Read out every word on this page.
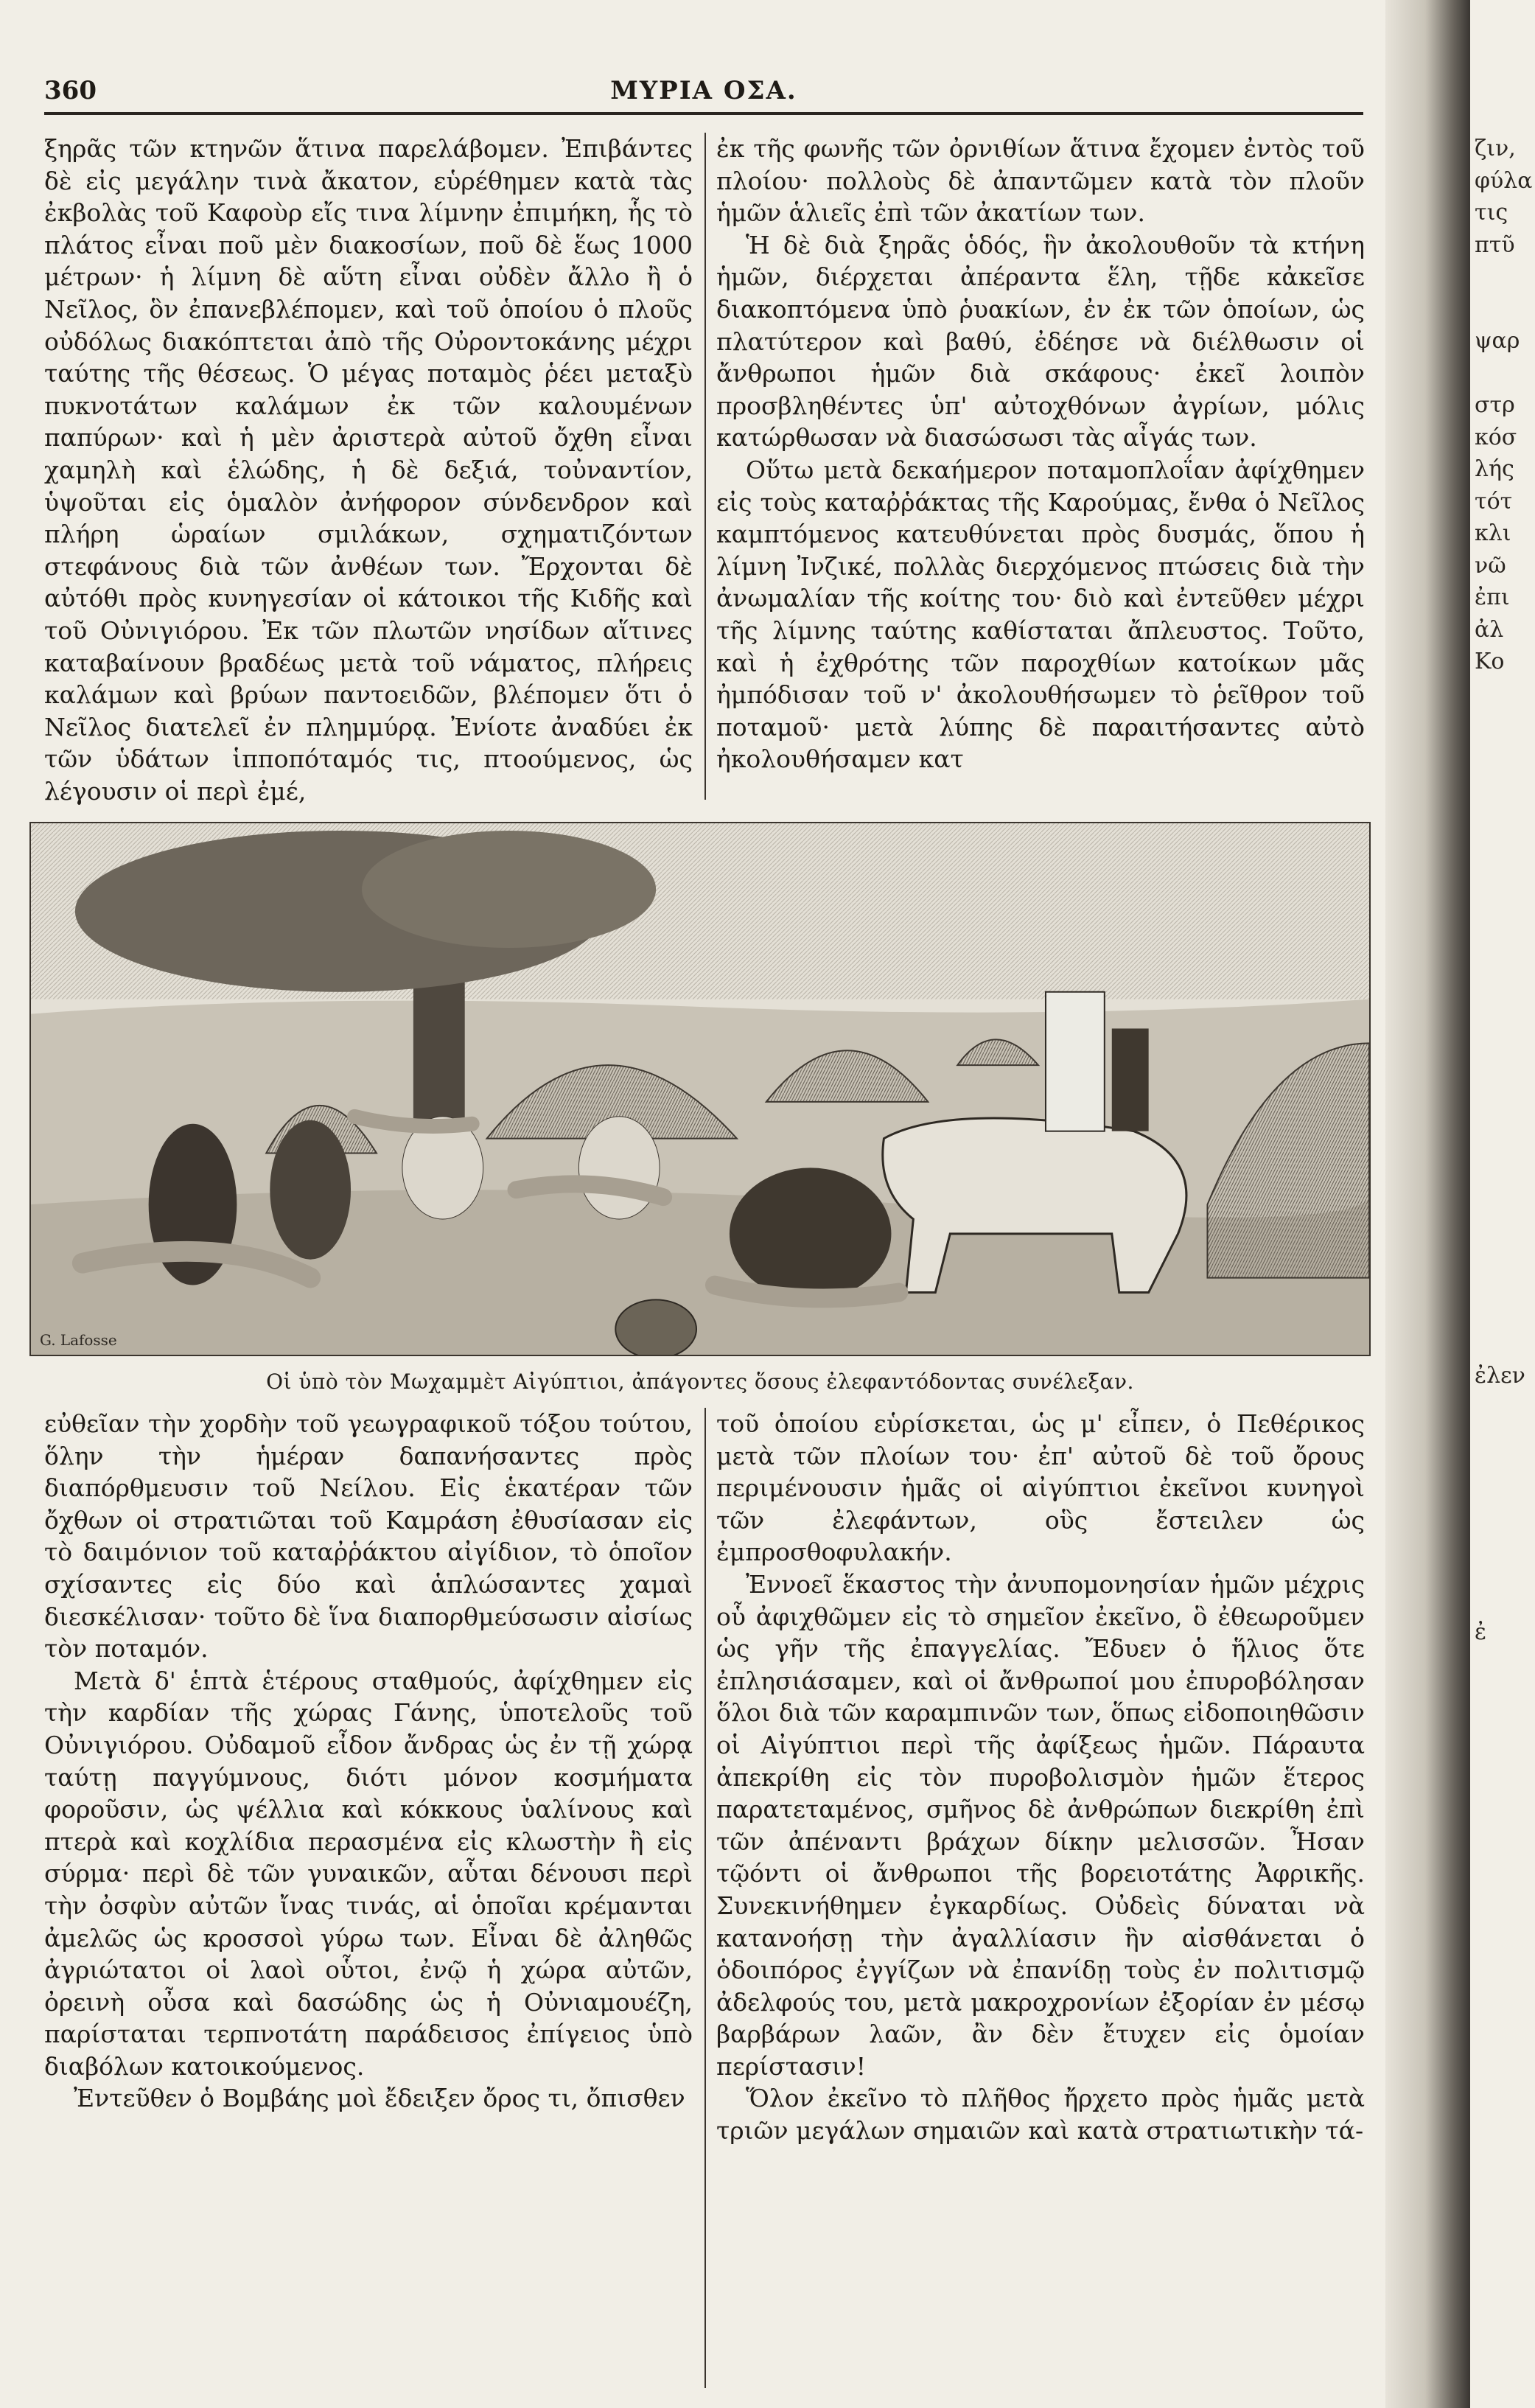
360	ΜΥΡΙΑ ΟΣΑ.

ξηρᾶς τῶν κτηνῶν ἅτινα παρελάβομεν. Ἐπιβάντες δὲ εἰς μεγάλην τινὰ ἄκατον, εὑρέθημεν κατὰ τὰς ἐκβολὰς τοῦ Καφοὺρ εἴς τινα λίμνην ἐπιμήκη, ἧς τὸ πλάτος εἶναι ποῦ μὲν διακοσίων, ποῦ δὲ ἕως 1000 μέτρων· ἡ λίμνη δὲ αὕτη εἶναι οὐδὲν ἄλλο ἢ ὁ Νεῖλος, ὃν ἐπανεβλέπομεν, καὶ τοῦ ὁποίου ὁ πλοῦς οὐδόλως διακόπτεται ἀπὸ τῆς Οὐροντοκάνης μέχρι ταύτης τῆς θέσεως. Ὁ μέγας ποταμὸς ῥέει μεταξὺ πυκνοτάτων καλάμων ἐκ τῶν καλουμένων παπύρων· καὶ ἡ μὲν ἀριστερὰ αὐτοῦ ὄχθη εἶναι χαμηλὴ καὶ ἑλώδης, ἡ δὲ δεξιά, τοὐναντίον, ὑψοῦται εἰς ὁμαλὸν ἀνήφορον σύνδενδρον καὶ πλήρη ὡραίων σμιλάκων, σχηματιζόντων στεφάνους διὰ τῶν ἀνθέων των. Ἔρχονται δὲ αὐτόθι πρὸς κυνηγεσίαν οἱ κάτοικοι τῆς Κιδῆς καὶ τοῦ Οὐνιγιόρου. Ἐκ τῶν πλωτῶν νησίδων αἵτινες καταβαίνουν βραδέως μετὰ τοῦ νάματος, πλήρεις καλάμων καὶ βρύων παντοειδῶν, βλέπομεν ὅτι ὁ Νεῖλος διατελεῖ ἐν πλημμύρᾳ. Ἐνίοτε ἀναδύει ἐκ τῶν ὑδάτων ἱπποπόταμός τις, πτοούμενος, ὡς λέγουσιν οἱ περὶ ἐμέ,

ἐκ τῆς φωνῆς τῶν ὀρνιθίων ἅτινα ἔχομεν ἐντὸς τοῦ πλοίου· πολλοὺς δὲ ἀπαντῶμεν κατὰ τὸν πλοῦν ἡμῶν ἁλιεῖς ἐπὶ τῶν ἀκατίων των.

Ἡ δὲ διὰ ξηρᾶς ὁδός, ἣν ἀκολουθοῦν τὰ κτήνη ἡμῶν, διέρχεται ἀπέραντα ἕλη, τῇδε κἀκεῖσε διακοπτόμενα ὑπὸ ῥυακίων, ἐν ἐκ τῶν ὁποίων, ὡς πλατύτερον καὶ βαθύ, ἐδέησε νὰ διέλθωσιν οἱ ἄνθρωποι ἡμῶν διὰ σκάφους· ἐκεῖ λοιπὸν προσβληθέντες ὑπ' αὐτοχθόνων ἀγρίων, μόλις κατώρθωσαν νὰ διασώσωσι τὰς αἶγάς των.

Οὕτω μετὰ δεκαήμερον ποταμοπλοΐαν ἀφίχθημεν εἰς τοὺς καταῤῥάκτας τῆς Καρούμας, ἔνθα ὁ Νεῖλος καμπτόμενος κατευθύνεται πρὸς δυσμάς, ὅπου ἡ λίμνη Ἰνζικέ, πολλὰς διερχόμενος πτώσεις διὰ τὴν ἀνωμαλίαν τῆς κοίτης του· διὸ καὶ ἐντεῦθεν μέχρι τῆς λίμνης ταύτης καθίσταται ἄπλευστος. Τοῦτο, καὶ ἡ ἐχθρότης τῶν παροχθίων κατοίκων μᾶς ἠμπόδισαν τοῦ ν' ἀκολουθήσωμεν τὸ ῥεῖθρον τοῦ ποταμοῦ· μετὰ λύπης δὲ παραιτήσαντες αὐτὸ ἠκολουθήσαμεν κατ

G. Lafosse
Οἱ ὑπὸ τὸν Μωχαμμὲτ Αἰγύπτιοι, ἀπάγοντες ὅσους ἐλεφαντόδοντας συνέλεξαν.

εὐθεῖαν τὴν χορδὴν τοῦ γεωγραφικοῦ τόξου τούτου, ὅλην τὴν ἡμέραν δαπανήσαντες πρὸς διαπόρθμευσιν τοῦ Νείλου. Εἰς ἑκατέραν τῶν ὄχθων οἱ στρατιῶται τοῦ Καμράση ἐθυσίασαν εἰς τὸ δαιμόνιον τοῦ καταῤῥάκτου αἰγίδιον, τὸ ὁποῖον σχίσαντες εἰς δύο καὶ ἁπλώσαντες χαμαὶ διεσκέλισαν· τοῦτο δὲ ἵνα διαπορθμεύσωσιν αἰσίως τὸν ποταμόν.

Μετὰ δ' ἑπτὰ ἑτέρους σταθμούς, ἀφίχθημεν εἰς τὴν καρδίαν τῆς χώρας Γάνης, ὑποτελοῦς τοῦ Οὐνιγιόρου. Οὐδαμοῦ εἶδον ἄνδρας ὡς ἐν τῇ χώρᾳ ταύτῃ παγγύμνους, διότι μόνον κοσμήματα φοροῦσιν, ὡς ψέλλια καὶ κόκκους ὑαλίνους καὶ πτερὰ καὶ κοχλίδια περασμένα εἰς κλωστὴν ἢ εἰς σύρμα· περὶ δὲ τῶν γυναικῶν, αὗται δένουσι περὶ τὴν ὀσφὺν αὐτῶν ἴνας τινάς, αἱ ὁποῖαι κρέμανται ἀμελῶς ὡς κροσσοὶ γύρω των. Εἶναι δὲ ἀληθῶς ἀγριώτατοι οἱ λαοὶ οὗτοι, ἐνῷ ἡ χώρα αὐτῶν, ὀρεινὴ οὖσα καὶ δασώδης ὡς ἡ Οὐνιαμουέζη, παρίσταται τερπνοτάτη παράδεισος ἐπίγειος ὑπὸ διαβόλων κατοικούμενος.

Ἐντεῦθεν ὁ Βομβάης μοὶ ἔδειξεν ὄρος τι, ὄπισθεν

τοῦ ὁποίου εὑρίσκεται, ὡς μ' εἶπεν, ὁ Πεθέρικος μετὰ τῶν πλοίων του· ἐπ' αὐτοῦ δὲ τοῦ ὄρους περιμένουσιν ἡμᾶς οἱ αἰγύπτιοι ἐκεῖνοι κυνηγοὶ τῶν ἐλεφάντων, οὓς ἔστειλεν ὡς ἐμπροσθοφυλακήν.

Ἐννοεῖ ἕκαστος τὴν ἀνυπομονησίαν ἡμῶν μέχρις οὗ ἀφιχθῶμεν εἰς τὸ σημεῖον ἐκεῖνο, ὃ ἐθεωροῦμεν ὡς γῆν τῆς ἐπαγγελίας. Ἔδυεν ὁ ἥλιος ὅτε ἐπλησιάσαμεν, καὶ οἱ ἄνθρωποί μου ἐπυροβόλησαν ὅλοι διὰ τῶν καραμπινῶν των, ὅπως εἰδοποιηθῶσιν οἱ Αἰγύπτιοι περὶ τῆς ἀφίξεως ἡμῶν. Πάραυτα ἀπεκρίθη εἰς τὸν πυροβολισμὸν ἡμῶν ἕτερος παρατεταμένος, σμῆνος δὲ ἀνθρώπων διεκρίθη ἐπὶ τῶν ἀπέναντι βράχων δίκην μελισσῶν. Ἦσαν τῷόντι οἱ ἄνθρωποι τῆς βορειοτάτης Ἀφρικῆς. Συνεκινήθημεν ἐγκαρδίως. Οὐδεὶς δύναται νὰ κατανοήσῃ τὴν ἀγαλλίασιν ἣν αἰσθάνεται ὁ ὁδοιπόρος ἐγγίζων νὰ ἐπανίδῃ τοὺς ἐν πολιτισμῷ ἀδελφούς του, μετὰ μακροχρονίων ἐξορίαν ἐν μέσῳ βαρβάρων λαῶν, ἂν δὲν ἔτυχεν εἰς ὁμοίαν περίστασιν!

Ὅλον ἐκεῖνο τὸ πλῆθος ἤρχετο πρὸς ἡμᾶς μετὰ τριῶν μεγάλων σημαιῶν καὶ κατὰ στρατιωτικὴν τά-

ζιν,
φύλα
τις
πτῦ
ψαρ
στρ
κόσ
λής
τότ
κλι
νῶ
ἐπι
ἀλ
Κο
ἐλεν
ἐ
